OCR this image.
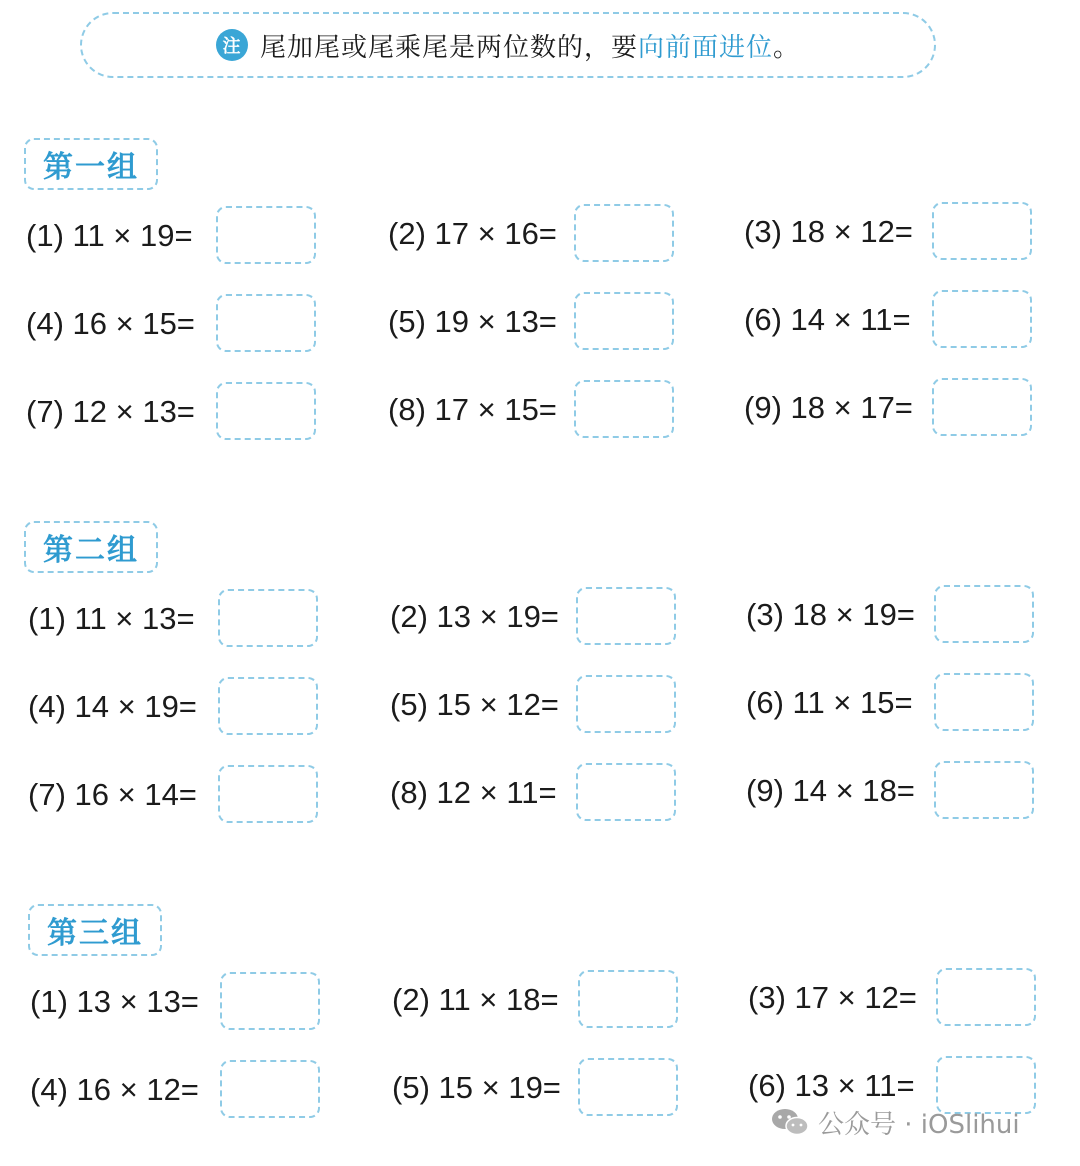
注 尾加尾或尾乘尾是两位数的，要 向前面进位 。
第一组
(1) 11 × 19=	(2) 17 × 16=	(3) 18 × 12=
(4) 16 × 15=	(5) 19 × 13=	(6) 14 × 11=
(7) 12 × 13=	(8) 17 × 15=	(9) 18 × 17=
第二组
(1) 11 × 13=	(2) 13 × 19=	(3) 18 × 19=
(4) 14 × 19=	(5) 15 × 12=	(6) 11 × 15=
(7) 16 × 14=	(8) 12 × 11=	(9) 14 × 18=
第三组
(1) 13 × 13=	(2) 11 × 18=	(3) 17 × 12=
(4) 16 × 12=	(5) 15 × 19=	(6) 13 × 11=
公众号 · iOSlihui
